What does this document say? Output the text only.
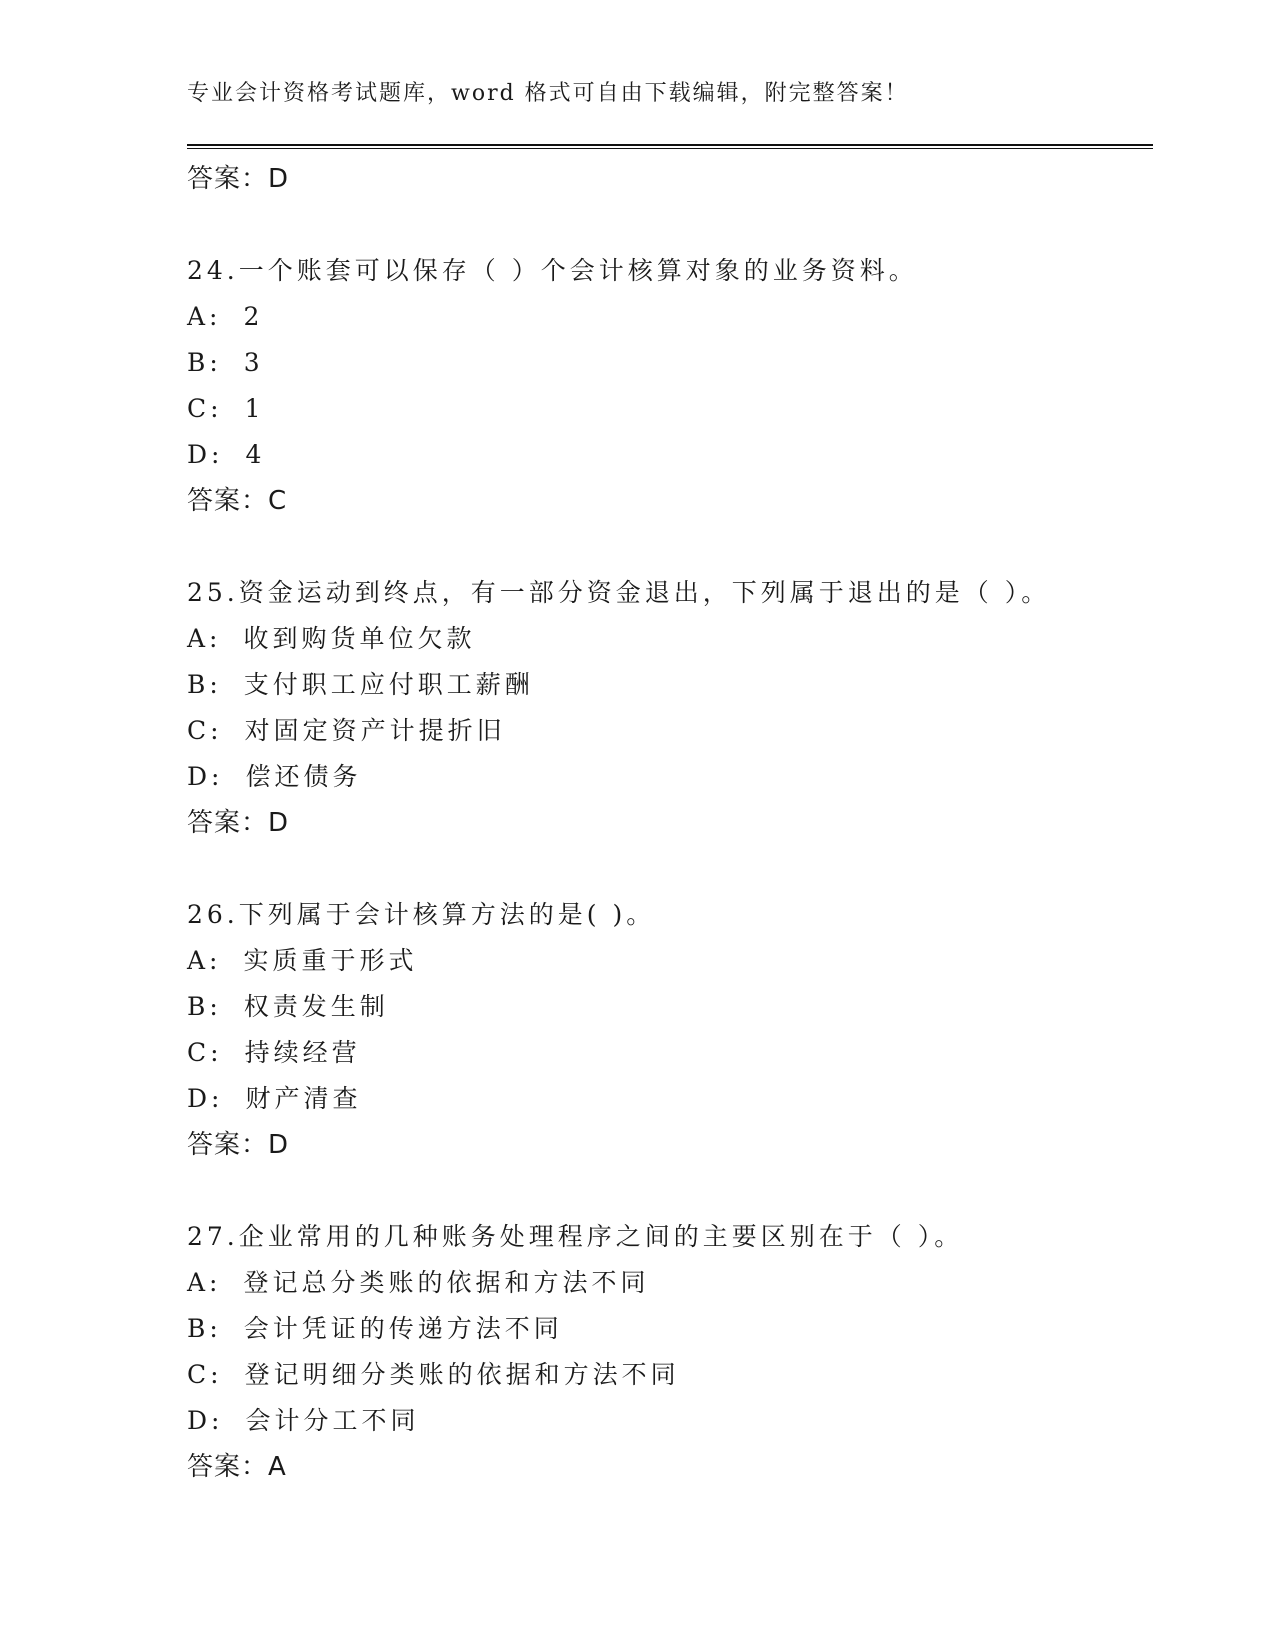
专业会计资格考试题库，word 格式可自由下载编辑，附完整答案！
答案：D
24.一个账套可以保存（ ）个会计核算对象的业务资料。
A: 2
B: 3
C: 1
D: 4
答案：C
25.资金运动到终点，有一部分资金退出，下列属于退出的是（ ）。
A: 收到购货单位欠款
B: 支付职工应付职工薪酬
C: 对固定资产计提折旧
D: 偿还债务
答案：D
26.下列属于会计核算方法的是( )。
A: 实质重于形式
B: 权责发生制
C: 持续经营
D: 财产清查
答案：D
27.企业常用的几种账务处理程序之间的主要区别在于（ ）。
A: 登记总分类账的依据和方法不同
B: 会计凭证的传递方法不同
C: 登记明细分类账的依据和方法不同
D: 会计分工不同
答案：A
